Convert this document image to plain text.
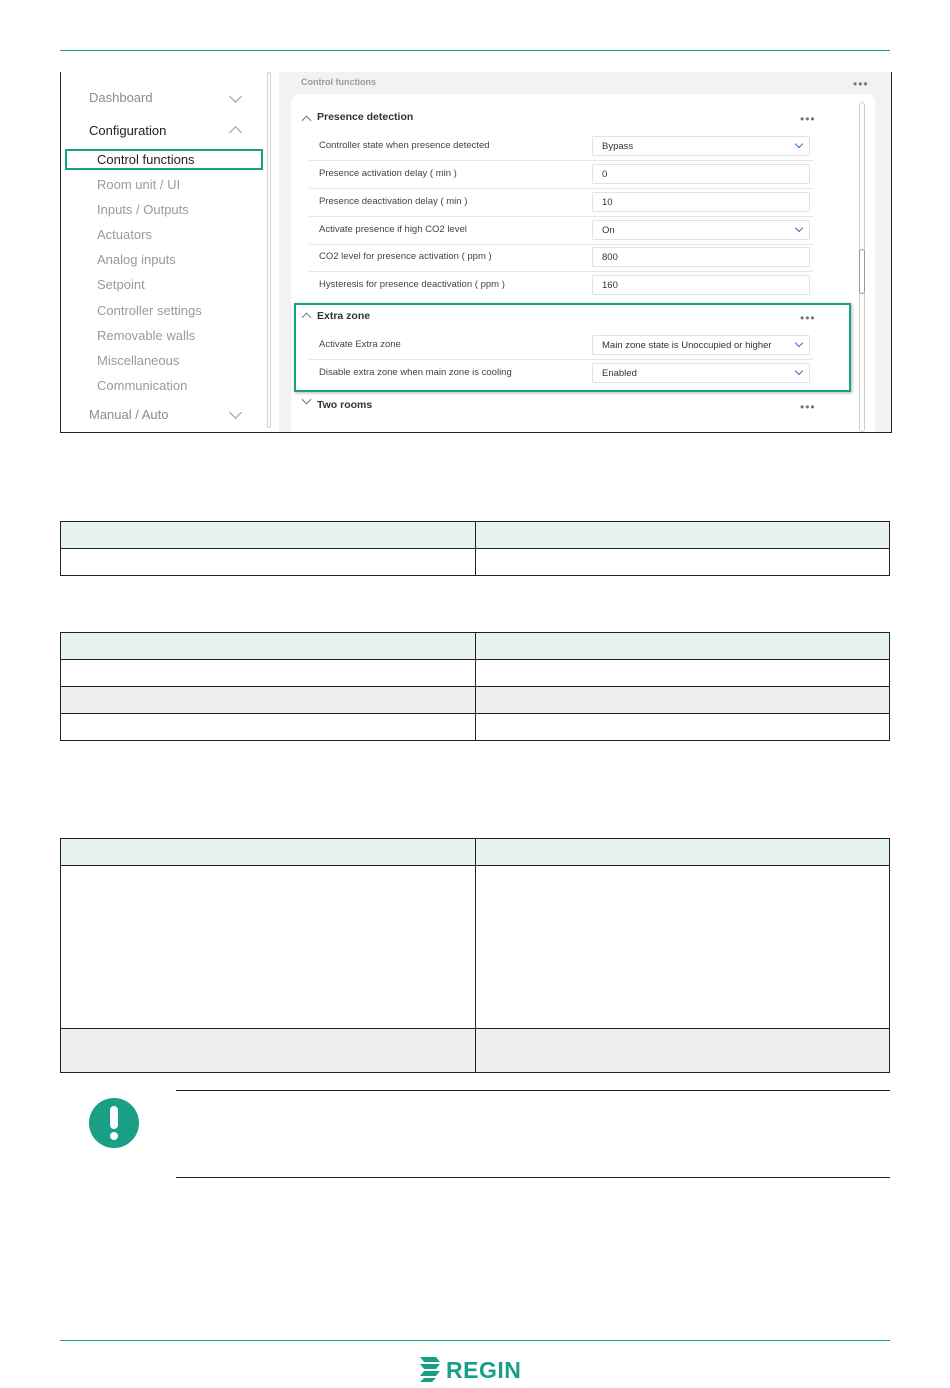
Dashboard
Configuration
Control functions
Room unit / UI
Inputs / Outputs
Actuators
Analog inputs
Setpoint
Controller settings
Removable walls
Miscellaneous
Communication
Manual / Auto
Control functions	•••
Presence detection	•••
Controller state when presence detected	Bypass
Presence activation delay ( min )	0
Presence deactivation delay ( min )	10
Activate presence if high CO2 level	On
CO2 level for presence activation ( ppm )	800
Hysteresis for presence deactivation ( ppm )	160
Extra zone	•••
Activate Extra zone	Main zone state is Unoccupied or higher
Disable extra zone when main zone is cooling	Enabled
Two rooms	•••

REGIN
